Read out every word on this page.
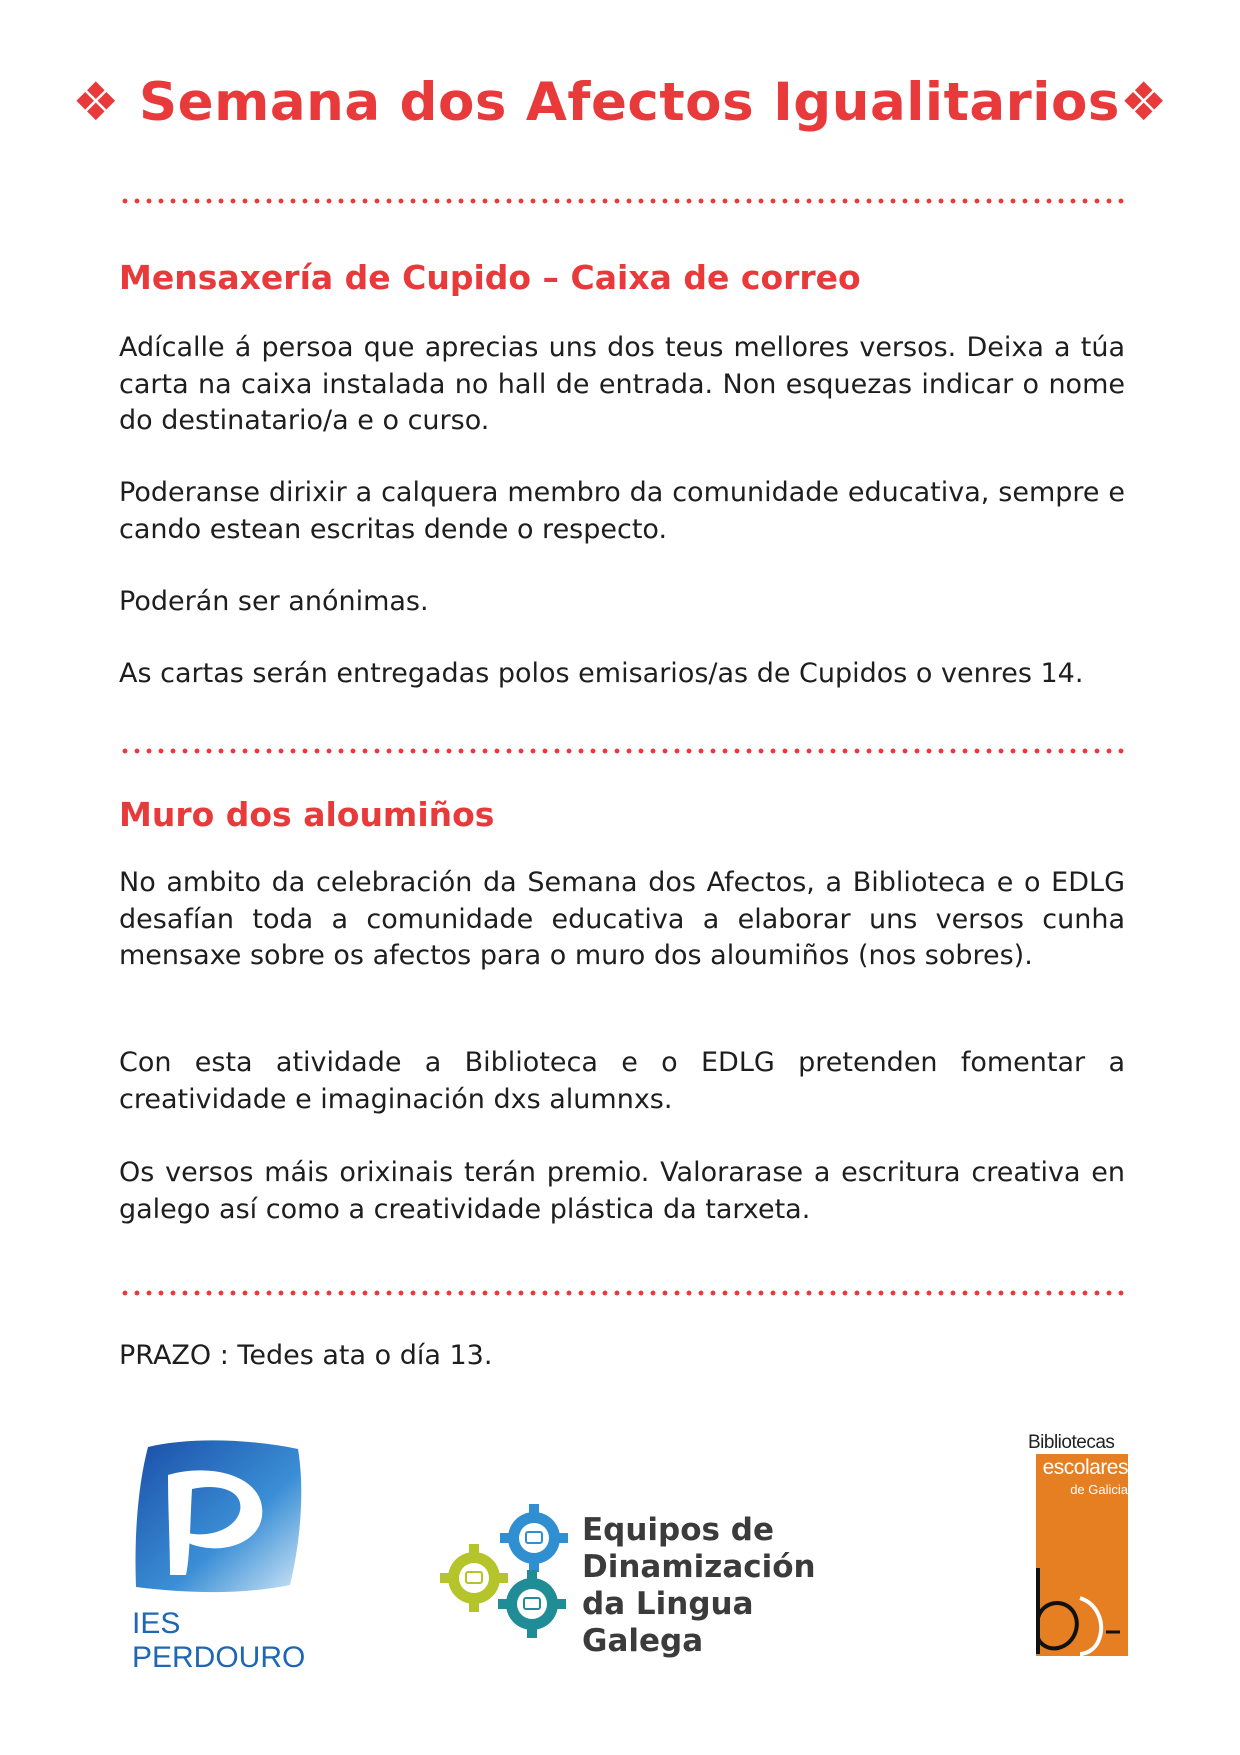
❖ Semana dos Afectos Igualitarios❖
Mensaxería de Cupido – Caixa de correo

Adícalle á persoa que aprecias uns dos teus mellores versos. Deixa a túa carta na caixa instalada no hall de entrada. Non esquezas indicar o nome do destinatario/a e o curso.

Poderanse dirixir a calquera membro da comunidade educativa, sempre e cando estean escritas dende o respecto.

Poderán ser anónimas.

As cartas serán entregadas polos emisarios/as de Cupidos o venres 14.

Muro dos aloumiños

No ambito da celebración da Semana dos Afectos, a Biblioteca e o EDLG desafían toda a comunidade educativa a elaborar uns versos cunha mensaxe sobre os afectos para o muro dos aloumiños (nos sobres).

Con esta atividade a Biblioteca e o EDLG pretenden fomentar a creatividade e imaginación dxs alumnxs.

Os versos máis orixinais terán premio. Valorarase a escritura creativa en galego así como a creatividade plástica da tarxeta.

PRAZO : Tedes ata o día 13.

IES PERDOURO
Equipos de
Dinamización
da Lingua Galega
Bibliotecas
escolares
de Galicia
